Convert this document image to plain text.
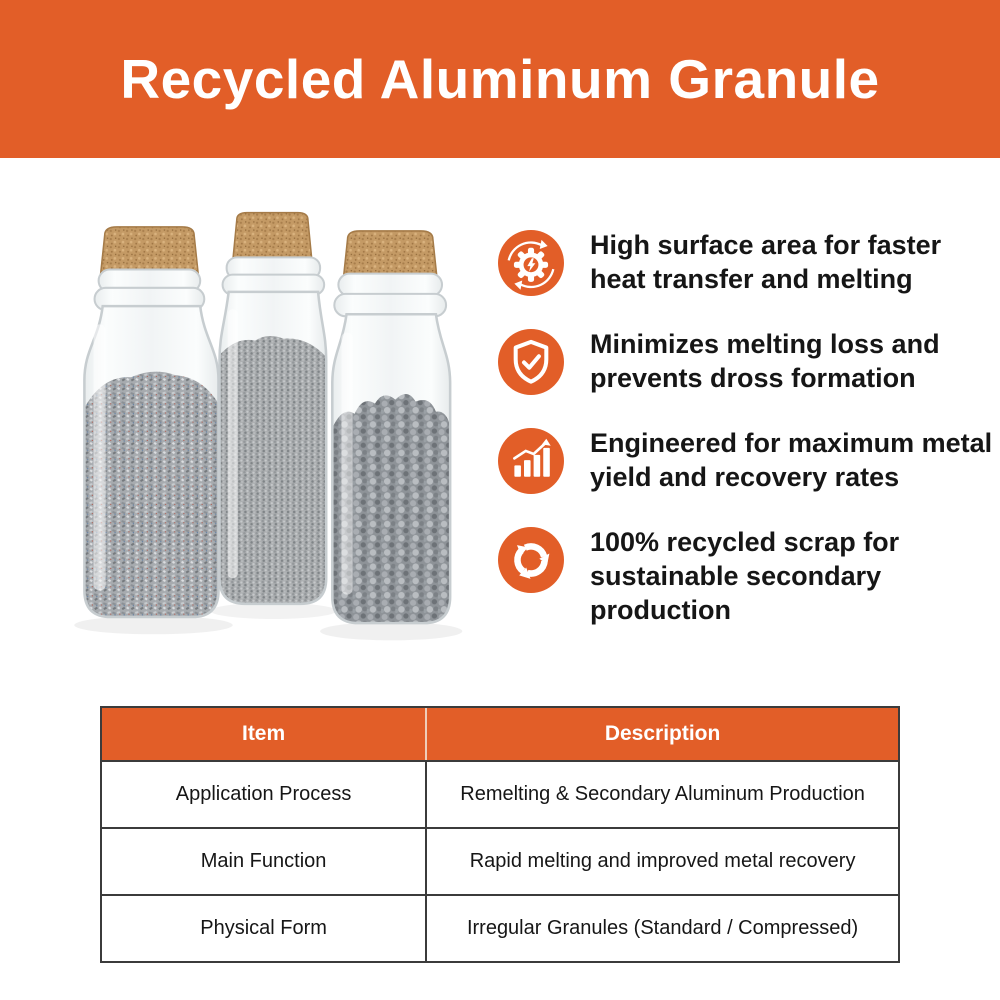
Recycled Aluminum Granule

High surface area for faster heat transfer and melting

Minimizes melting loss and prevents dross formation

Engineered for maximum metal yield and recovery rates

100% recycled scrap for sustainable secondary production

Item	Description
Application Process	Remelting & Secondary Aluminum Production
Main Function	Rapid melting and improved metal recovery
Physical Form	Irregular Granules (Standard / Compressed)
